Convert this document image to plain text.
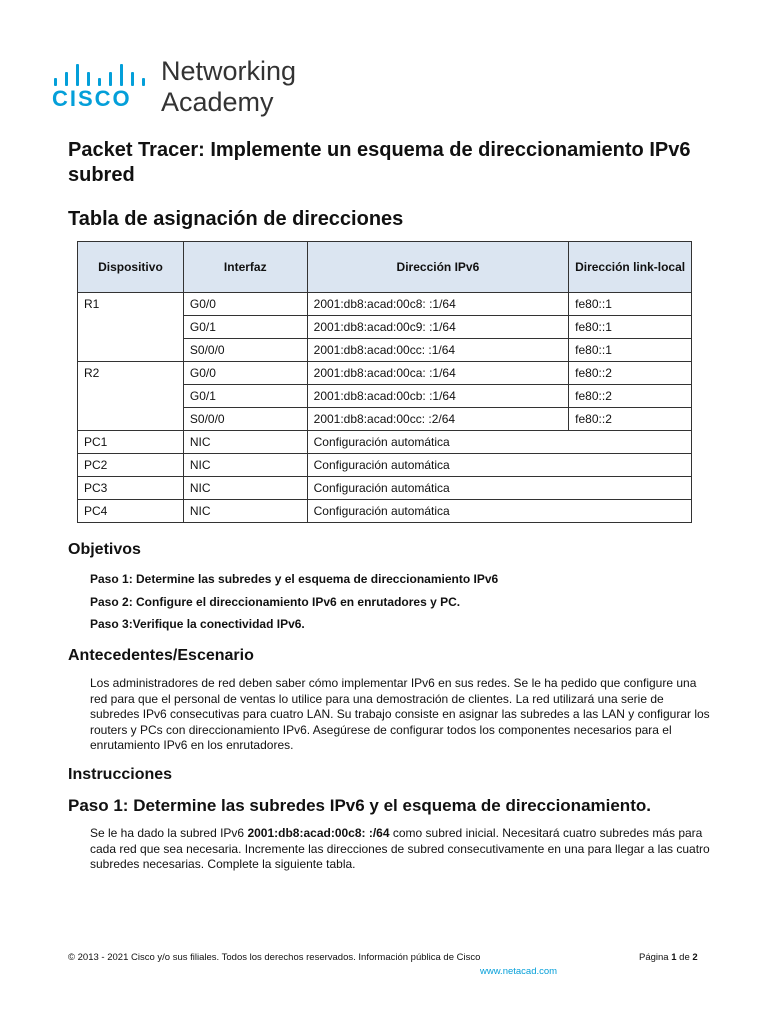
CISCO
Networking
Academy
Packet Tracer: Implemente un esquema de direccionamiento IPv6 subred
Tabla de asignación de direcciones
Dispositivo	Interfaz	Dirección IPv6	Dirección link-local
R1	G0/0	2001:db8:acad:00c8: :1/64	fe80::1
	G0/1	2001:db8:acad:00c9: :1/64	fe80::1
	S0/0/0	2001:db8:acad:00cc: :1/64	fe80::1
R2	G0/0	2001:db8:acad:00ca: :1/64	fe80::2
	G0/1	2001:db8:acad:00cb: :1/64	fe80::2
	S0/0/0	2001:db8:acad:00cc: :2/64	fe80::2
PC1	NIC	Configuración automática	
PC2	NIC	Configuración automática	
PC3	NIC	Configuración automática	
PC4	NIC	Configuración automática	
Objetivos

Paso 1: Determine las subredes y el esquema de direccionamiento IPv6

Paso 2: Configure el direccionamiento IPv6 en enrutadores y PC.

Paso 3:Verifique la conectividad IPv6.

Antecedentes/Escenario

Los administradores de red deben saber cómo implementar IPv6 en sus redes. Se le ha pedido que configure una red para que el personal de ventas lo utilice para una demostración de clientes. La red utilizará una serie de subredes IPv6 consecutivas para cuatro LAN. Su trabajo consiste en asignar las subredes a las LAN y configurar los routers y PCs con direccionamiento IPv6. Asegúrese de configurar todos los componentes necesarios para el enrutamiento IPv6 en los enrutadores.

Instrucciones
Paso 1: Determine las subredes IPv6 y el esquema de direccionamiento.

Se le ha dado la subred IPv6 2001:db8:acad:00c8: :/64 como subred inicial. Necesitará cuatro subredes más para cada red que sea necesaria. Incremente las direcciones de subred consecutivamente en una para llegar a las cuatro subredes necesarias. Complete la siguiente tabla.

© 2013 - 2021 Cisco y/o sus filiales. Todos los derechos reservados. Información pública de Cisco	Página 1 de 2
www.netacad.com
